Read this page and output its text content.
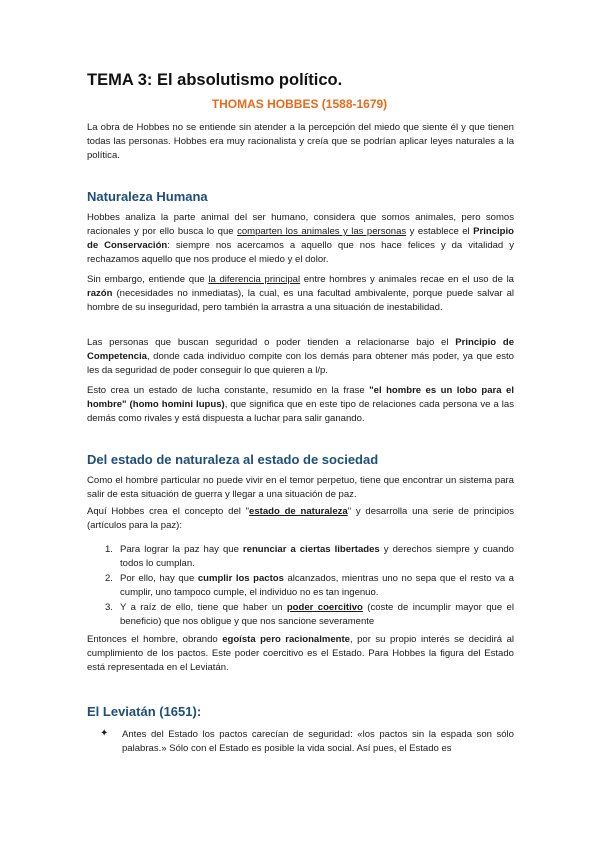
TEMA 3: El absolutismo político.
THOMAS HOBBES (1588-1679)

La obra de Hobbes no se entiende sin atender a la percepción del miedo que siente él y que tienen todas las personas. Hobbes era muy racionalista y creía que se podrían aplicar leyes naturales a la política.

Naturaleza Humana

Hobbes analiza la parte animal del ser humano, considera que somos animales, pero somos racionales y por ello busca lo que comparten los animales y las personas y establece el Principio de Conservación: siempre nos acercamos a aquello que nos hace felices y da vitalidad y rechazamos aquello que nos produce el miedo y el dolor.

Sin embargo, entiende que la diferencia principal entre hombres y animales recae en el uso de la razón (necesidades no inmediatas), la cual, es una facultad ambivalente, porque puede salvar al hombre de su inseguridad, pero también la arrastra a una situación de inestabilidad.

Las personas que buscan seguridad o poder tienden a relacionarse bajo el Principio de Competencia, donde cada individuo compite con los demás para obtener más poder, ya que esto les da seguridad de poder conseguir lo que quieren a l/p.

Esto crea un estado de lucha constante, resumido en la frase "el hombre es un lobo para el hombre" (homo homini lupus), que significa que en este tipo de relaciones cada persona ve a las demás como rivales y está dispuesta a luchar para salir ganando.

Del estado de naturaleza al estado de sociedad

Como el hombre particular no puede vivir en el temor perpetuo, tiene que encontrar un sistema para salir de esta situación de guerra y llegar a una situación de paz.

Aquí Hobbes crea el concepto del "estado de naturaleza" y desarrolla una serie de principios (artículos para la paz):

1. Para lograr la paz hay que renunciar a ciertas libertades y derechos siempre y cuando todos lo cumplan.
2. Por ello, hay que cumplir los pactos alcanzados, mientras uno no sepa que el resto va a cumplir, uno tampoco cumple, el individuo no es tan ingenuo.
3. Y a raíz de ello, tiene que haber un poder coercitivo (coste de incumplir mayor que el beneficio) que nos obligue y que nos sancione severamente

Entonces el hombre, obrando egoísta pero racionalmente, por su propio interés se decidirá al cumplimiento de los pactos. Este poder coercitivo es el Estado. Para Hobbes la figura del Estado está representada en el Leviatán.

El Leviatán (1651):
✦ Antes del Estado los pactos carecían de seguridad: «los pactos sin la espada son sólo palabras.» Sólo con el Estado es posible la vida social. Así pues, el Estado es
